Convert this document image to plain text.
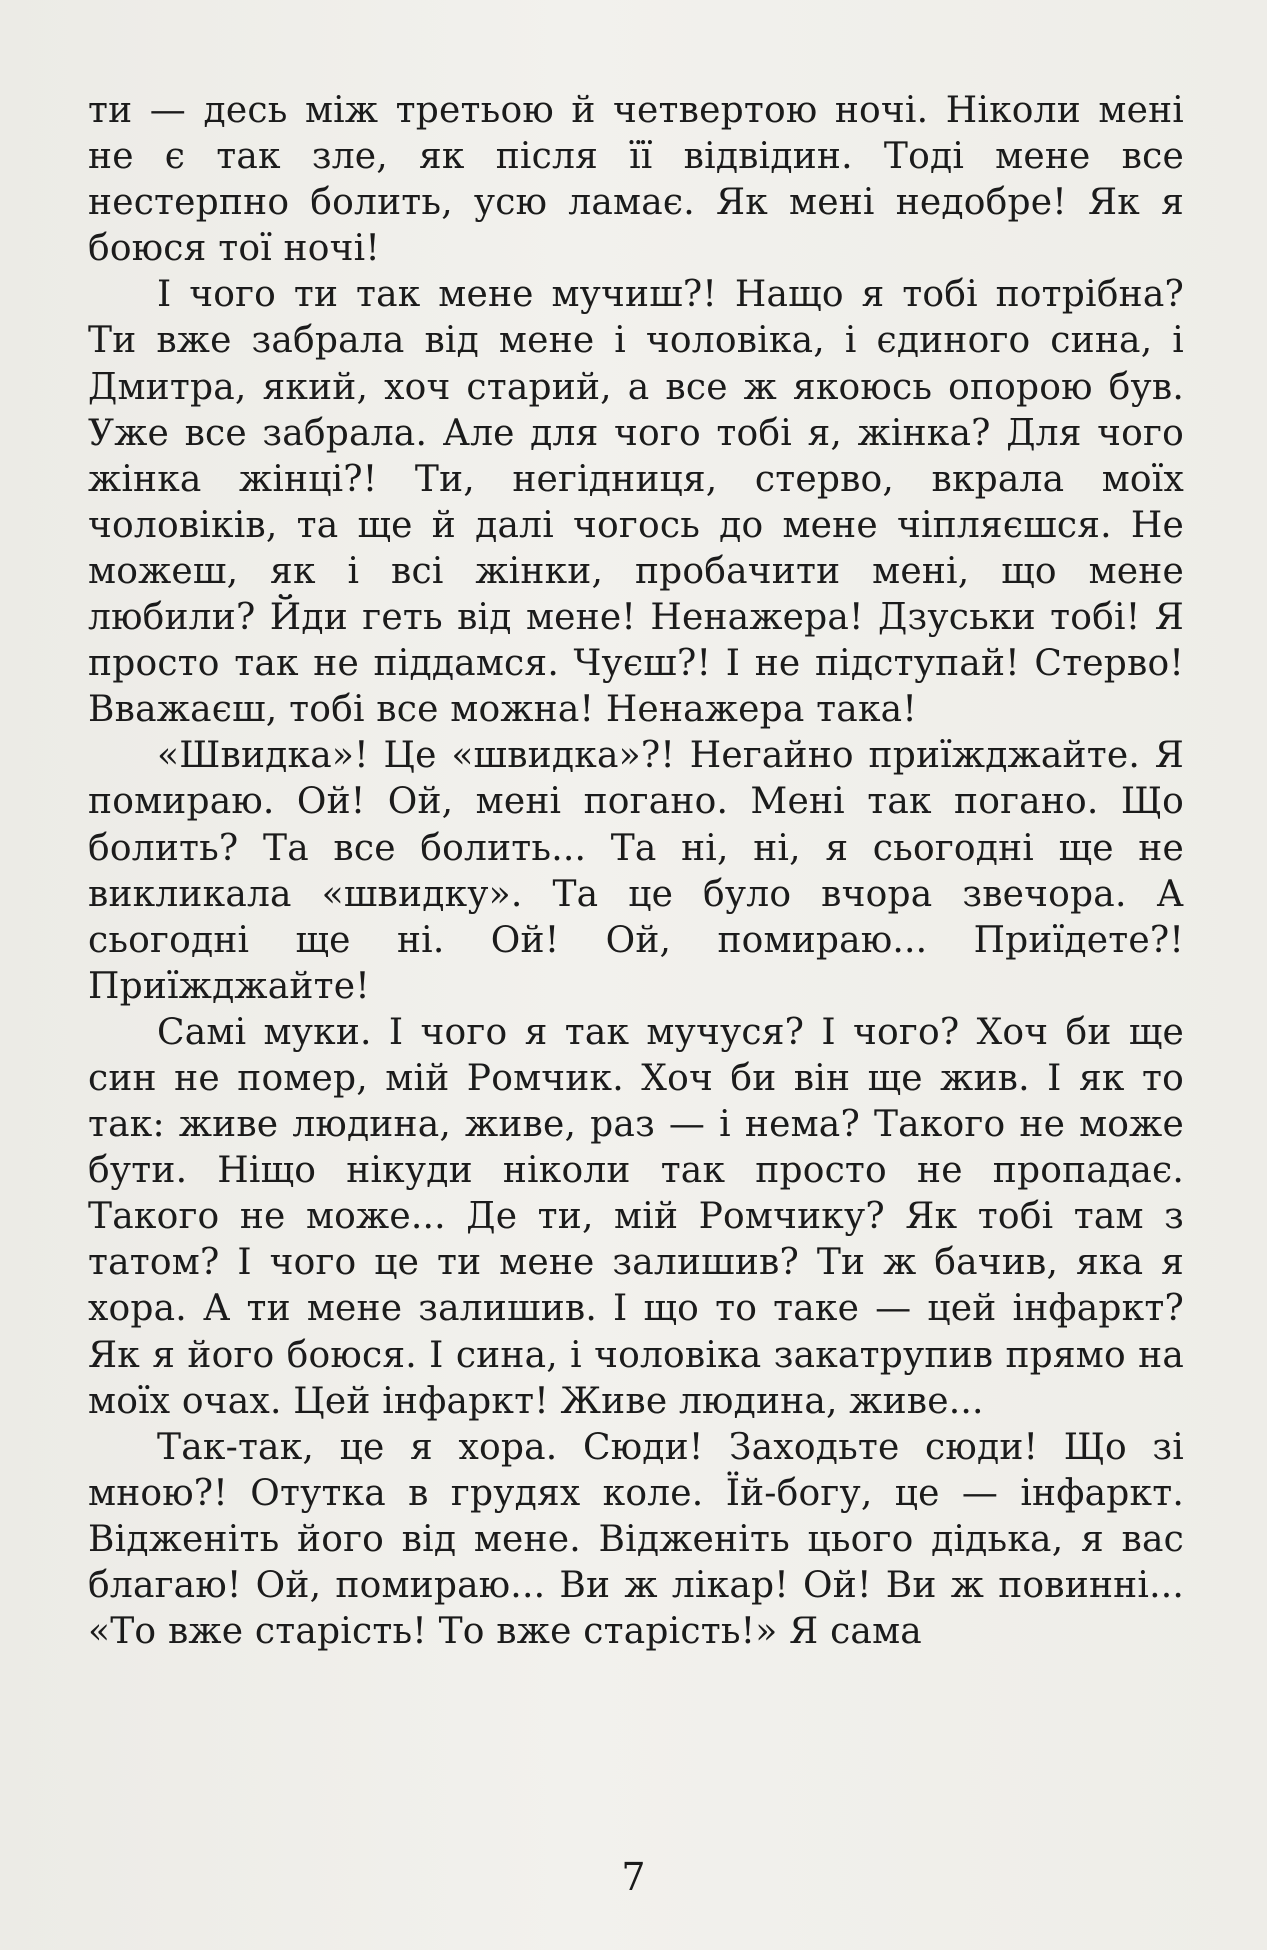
ти — десь між третьою й четвертою ночі. Ніколи мені не є так зле, як після її відвідин. Тоді мене все нестерпно болить, усю ламає. Як мені недобре! Як я боюся тої ночі!

І чого ти так мене мучиш?! Нащо я тобі потрібна? Ти вже забрала від мене і чоловіка, і єдиного сина, і Дмитра, який, хоч старий, а все ж якоюсь опорою був. Уже все забрала. Але для чого тобі я, жінка? Для чого жінка жінці?! Ти, негідниця, стерво, вкрала моїх чоловіків, та ще й далі чогось до мене чіпляєшся. Не можеш, як і всі жінки, пробачити мені, що мене любили? Йди геть від мене! Ненажера! Дзуськи тобі! Я просто так не піддамся. Чуєш?! І не підступай! Стерво! Вважаєш, тобі все можна! Ненажера така!

«Швидка»! Це «швидка»?! Негайно приїжджайте. Я помираю. Ой! Ой, мені погано. Мені так погано. Що болить? Та все болить... Та ні, ні, я сьогодні ще не викликала «швидку». Та це було вчора звечора. А сьогодні ще ні. Ой! Ой, помираю... Приїдете?! Приїжджайте!

Самі муки. І чого я так мучуся? І чого? Хоч би ще син не помер, мій Ромчик. Хоч би він ще жив. І як то так: живе людина, живе, раз — і нема? Такого не може бути. Ніщо нікуди ніколи так просто не пропадає. Такого не може... Де ти, мій Ромчику? Як тобі там з татом? І чого це ти мене залишив? Ти ж бачив, яка я хора. А ти мене залишив. І що то таке — цей інфаркт? Як я його боюся. І сина, і чоловіка закатрупив прямо на моїх очах. Цей інфаркт! Живе людина, живе...

Так-так, це я хора. Сюди! Заходьте сюди! Що зі мною?! Отутка в грудях коле. Їй-богу, це — інфаркт. Відженіть його від мене. Відженіть цього дідька, я вас благаю! Ой, помираю... Ви ж лікар! Ой! Ви ж повинні... «То вже старість! То вже старість!» Я сама

7
